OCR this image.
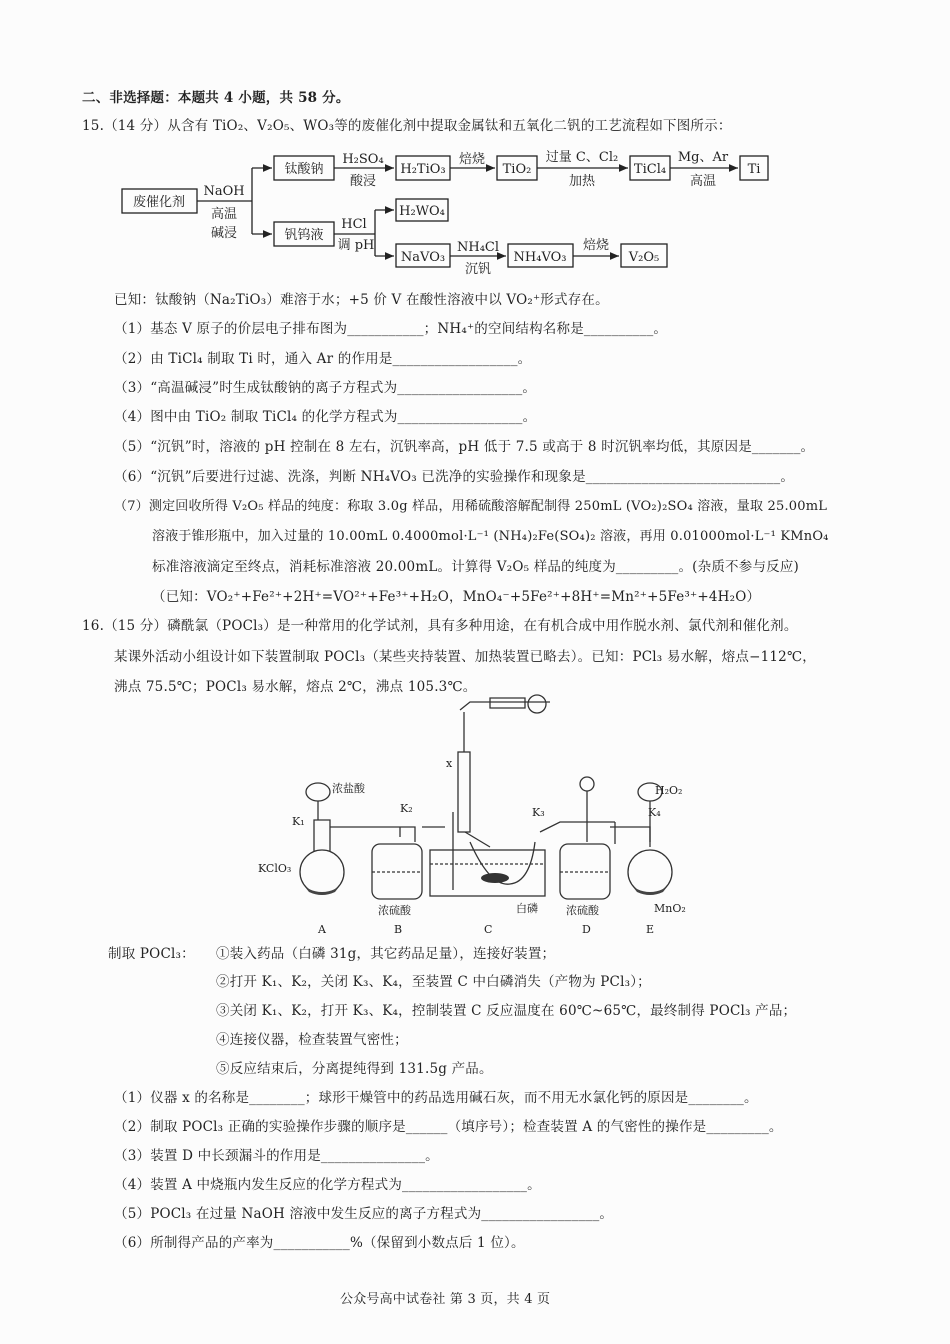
二、非选择题：本题共 4 小题，共 58 分。
15.（14 分）从含有 TiO₂、V₂O₅、WO₃等的废催化剂中提取金属钛和五氧化二钒的工艺流程如下图所示：
废催化剂
NaOH
高温
碱浸
钛酸钠
H₂SO₄
酸浸
H₂TiO₃
焙烧
TiO₂
过量 C、Cl₂
加热
TiCl₄
Mg、Ar
高温
Ti
钒钨液
HCl
调 pH
H₂WO₄
NaVO₃
NH₄Cl
沉钒
NH₄VO₃
焙烧
V₂O₅
已知：钛酸钠（Na₂TiO₃）难溶于水；+5 价 V 在酸性溶液中以 VO₂⁺形式存在。
（1）基态 V 原子的价层电子排布图为___________；NH₄⁺的空间结构名称是__________。
（2）由 TiCl₄ 制取 Ti 时，通入 Ar 的作用是__________________。
（3）“高温碱浸”时生成钛酸钠的离子方程式为__________________。
（4）图中由 TiO₂ 制取 TiCl₄ 的化学方程式为__________________。
（5）“沉钒”时，溶液的 pH 控制在 8 左右，沉钒率高，pH 低于 7.5 或高于 8 时沉钒率均低，其原因是_______。
（6）“沉钒”后要进行过滤、洗涤，判断 NH₄VO₃ 已洗净的实验操作和现象是____________________________。
（7）测定回收所得 V₂O₅ 样品的纯度：称取 3.0g 样品，用稀硫酸溶解配制得 250mL (VO₂)₂SO₄ 溶液，量取 25.00mL
溶液于锥形瓶中，加入过量的 10.00mL 0.4000mol·L⁻¹ (NH₄)₂Fe(SO₄)₂ 溶液，再用 0.01000mol·L⁻¹ KMnO₄
标准溶液滴定至终点，消耗标准溶液 20.00mL。计算得 V₂O₅ 样品的纯度为_________。(杂质不参与反应)
（已知：VO₂⁺+Fe²⁺+2H⁺=VO²⁺+Fe³⁺+H₂O，MnO₄⁻+5Fe²⁺+8H⁺=Mn²⁺+5Fe³⁺+4H₂O）
16.（15 分）磷酰氯（POCl₃）是一种常用的化学试剂，具有多种用途，在有机合成中用作脱水剂、氯代剂和催化剂。
某课外活动小组设计如下装置制取 POCl₃（某些夹持装置、加热装置已略去）。已知：PCl₃ 易水解，熔点−112℃，
沸点 75.5℃；POCl₃ 易水解，熔点 2℃，沸点 105.3℃。
浓盐酸
K₁
KClO₃
K₂
x
浓硫酸	白磷
K₃
浓硫酸
H₂O₂
K₄
MnO₂
A	B	C	D	E
制取 POCl₃： ①装入药品（白磷 31g，其它药品足量），连接好装置；
②打开 K₁、K₂，关闭 K₃、K₄，至装置 C 中白磷消失（产物为 PCl₃）；
③关闭 K₁、K₂，打开 K₃、K₄，控制装置 C 反应温度在 60℃~65℃，最终制得 POCl₃ 产品；
④连接仪器，检查装置气密性；
⑤反应结束后，分离提纯得到 131.5g 产品。
（1）仪器 x 的名称是________；球形干燥管中的药品选用碱石灰，而不用无水氯化钙的原因是________。
（2）制取 POCl₃ 正确的实验操作步骤的顺序是______（填序号）；检查装置 A 的气密性的操作是_________。
（3）装置 D 中长颈漏斗的作用是_______________。
（4）装置 A 中烧瓶内发生反应的化学方程式为__________________。
（5）POCl₃ 在过量 NaOH 溶液中发生反应的离子方程式为_________________。
（6）所制得产品的产率为___________%（保留到小数点后 1 位）。
公众号高中试卷社 第 3 页，共 4 页
